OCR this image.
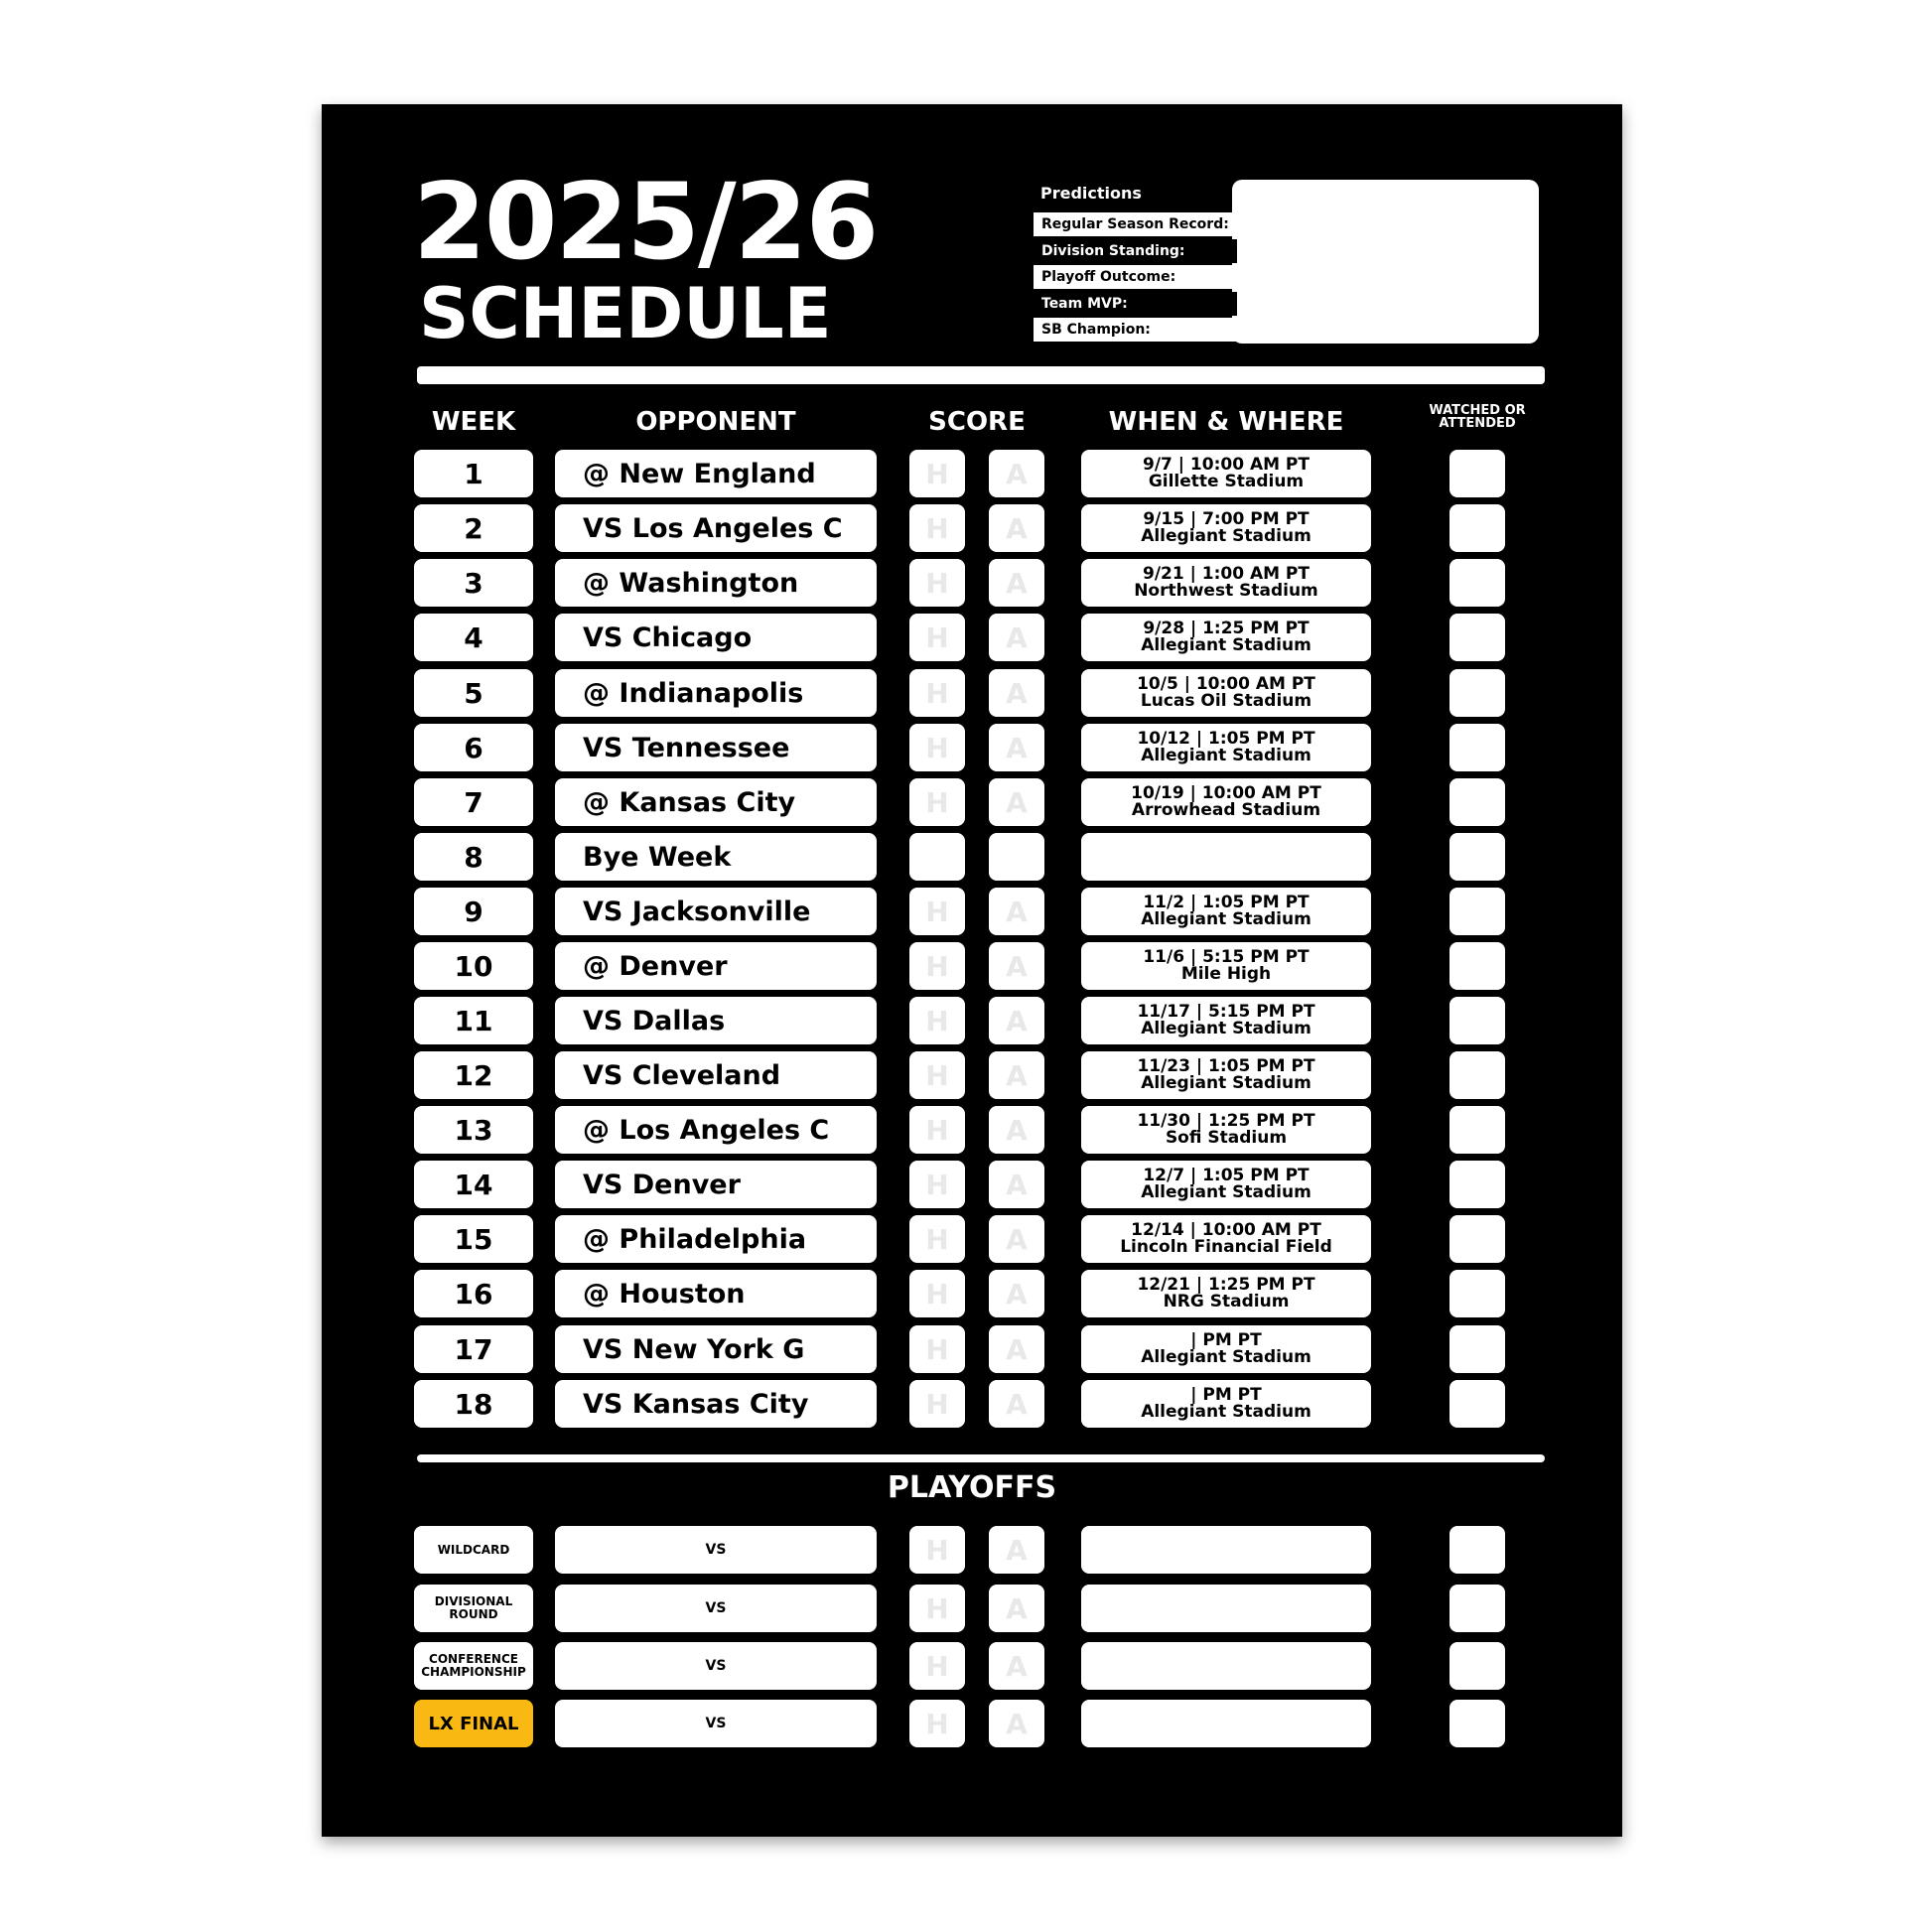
2025/26
SCHEDULE
Predictions
Regular Season Record:
Division Standing:
Playoff Outcome:
Team MVP:
SB Champion:
WEEK	OPPONENT	SCORE	WHEN & WHERE	WATCHED OR ATTENDED
1	@ New England	H	A	9/7 | 10:00 AM PT
Gillette Stadium
2	VS Los Angeles C	H	A	9/15 | 7:00 PM PT
Allegiant Stadium
3	@ Washington	H	A	9/21 | 1:00 AM PT
Northwest Stadium
4	VS Chicago	H	A	9/28 | 1:25 PM PT
Allegiant Stadium
5	@ Indianapolis	H	A	10/5 | 10:00 AM PT
Lucas Oil Stadium
6	VS Tennessee	H	A	10/12 | 1:05 PM PT
Allegiant Stadium
7	@ Kansas City	H	A	10/19 | 10:00 AM PT
Arrowhead Stadium
8	Bye Week
9	VS Jacksonville	H	A	11/2 | 1:05 PM PT
Allegiant Stadium
10	@ Denver	H	A	11/6 | 5:15 PM PT
Mile High
11	VS Dallas	H	A	11/17 | 5:15 PM PT
Allegiant Stadium
12	VS Cleveland	H	A	11/23 | 1:05 PM PT
Allegiant Stadium
13	@ Los Angeles C	H	A	11/30 | 1:25 PM PT
Sofi Stadium
14	VS Denver	H	A	12/7 | 1:05 PM PT
Allegiant Stadium
15	@ Philadelphia	H	A	12/14 | 10:00 AM PT
Lincoln Financial Field
16	@ Houston	H	A	12/21 | 1:25 PM PT
NRG Stadium
17	VS New York G	H	A	| PM PT
Allegiant Stadium
18	VS Kansas City	H	A	| PM PT
Allegiant Stadium
PLAYOFFS
WILDCARD	VS	H	A
DIVISIONAL
ROUND	VS	H	A
CONFERENCE
CHAMPIONSHIP	VS	H	A
LX FINAL	VS	H	A
